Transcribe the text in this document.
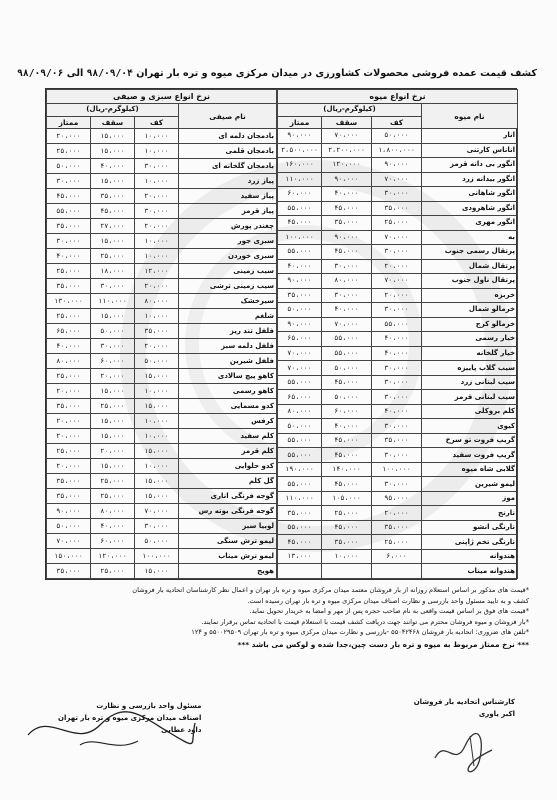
کشف قیمت عمده فروشی محصولات کشاورزی در میدان مرکزی میوه و تره بار تهران ۹۸/۰۹/۰۴ الی ۹۸/۰۹/۰۶
نرخ انواع سبزی و صیفی			
(کیلوگرم-ریال)			نام صیفی
ممتاز	سقف	کف	
۲۰،۰۰۰	۱۵،۰۰۰	۱۰،۰۰۰	بادمجان دلمه ای
۲۵،۰۰۰	۱۵،۰۰۰	۱۰،۰۰۰	بادمجان قلمی
۵۰،۰۰۰	۴۰،۰۰۰	۳۰،۰۰۰	بادمجان گلخانه ای
۳۰،۰۰۰	۱۵،۰۰۰	۱۰،۰۰۰	پیاز زرد
۴۵،۰۰۰	۳۵،۰۰۰	۲۰،۰۰۰	پیاز سفید
۵۵،۰۰۰	۴۵،۰۰۰	۳۰،۰۰۰	پیاز قرمز
۳۵،۰۰۰	۲۷،۰۰۰	۲۰،۰۰۰	چغندر پورش
۳۰،۰۰۰	۱۵،۰۰۰	۱۰،۰۰۰	سبزی جور
۴۰،۰۰۰	۲۵،۰۰۰	۱۰،۰۰۰	سبزی خوردن
۲۵،۰۰۰	۱۸،۰۰۰	۱۲،۰۰۰	سیب زمینی
۳۵،۰۰۰	۳۰،۰۰۰	۲۰،۰۰۰	سیب زمینی ترشی
۱۳۰،۰۰۰	۱۱۰،۰۰۰	۸۰،۰۰۰	سیرخشک
۲۵،۰۰۰	۱۵،۰۰۰	۱۰،۰۰۰	شلغم
۶۵،۰۰۰	۵۰،۰۰۰	۳۵،۰۰۰	فلفل تند ریز
۴۰،۰۰۰	۳۰،۰۰۰	۲۰،۰۰۰	فلفل دلمه سبز
۸۰،۰۰۰	۶۰،۰۰۰	۵۰،۰۰۰	فلفل شیرین
۲۵،۰۰۰	۲۰،۰۰۰	۱۵،۰۰۰	کاهو پیچ سالادی
۲۰،۰۰۰	۱۵،۰۰۰	۱۰،۰۰۰	کاهو رسمی
۳۵،۰۰۰	۲۵،۰۰۰	۱۵،۰۰۰	کدو مسمایی
۲۰،۰۰۰	۱۵،۰۰۰	۱۰،۰۰۰	کرفس
۲۰،۰۰۰	۱۵،۰۰۰	۱۰،۰۰۰	کلم سفید
۲۵،۰۰۰	۲۰،۰۰۰	۱۵،۰۰۰	کلم قرمز
۲۰،۰۰۰	۱۵،۰۰۰	۱۰،۰۰۰	کدو حلوایی
۳۵،۰۰۰	۲۵،۰۰۰	۱۵،۰۰۰	گل کلم
۳۵،۰۰۰	۲۵،۰۰۰	۱۵،۰۰۰	گوجه فرنگی اناری
۹۰،۰۰۰	۸۰،۰۰۰	۷۰،۰۰۰	گوجه فرنگی بوته رس
۵۰،۰۰۰	۴۰،۰۰۰	۳۰،۰۰۰	لوبیا سبز
۷۰،۰۰۰	۶۰،۰۰۰	۵۰،۰۰۰	لیمو ترش سنگی
۱۵۰،۰۰۰	۱۲۰،۰۰۰	۱۰۰،۰۰۰	لیمو ترش میناب
۳۵،۰۰۰	۲۵،۰۰۰	۱۵،۰۰۰	هویج
نرخ انواع میوه			
(کیلوگرم-ریال)			نام میوه
ممتاز	سقف	کف	
۹۰،۰۰۰	۷۰،۰۰۰	۵۰،۰۰۰	انار
۲،۵۰۰،۰۰۰	۲،۲۰۰،۰۰۰	۱،۸۰۰،۰۰۰	اناناس کارتنی
۱۶۰،۰۰۰	۱۲۰،۰۰۰	۹۰،۰۰۰	انگور بی دانه قرمز
۱۱۰،۰۰۰	۹۰،۰۰۰	۷۰،۰۰۰	انگور بیدانه زرد
۶۰،۰۰۰	۴۰،۰۰۰	۳۰،۰۰۰	انگور شاهانی
۵۵،۰۰۰	۴۵،۰۰۰	۳۵،۰۰۰	انگور شاهرودی
۴۵،۰۰۰	۳۵،۰۰۰	۲۵،۰۰۰	انگور مهری
۱۰۰،۰۰۰	۹۰،۰۰۰	۷۰،۰۰۰	به
۵۵،۰۰۰	۴۵،۰۰۰	۳۰،۰۰۰	پرتقال رسمی جنوب
۴۰،۰۰۰	۳۰،۰۰۰	۲۰،۰۰۰	پرتقال شمال
۹۰،۰۰۰	۸۰،۰۰۰	۷۰،۰۰۰	پرتقال ناول جنوب
۳۵،۰۰۰	۳۰،۰۰۰	۲۰،۰۰۰	خربزه
۵۰،۰۰۰	۴۰،۰۰۰	۳۰،۰۰۰	خرمالو شمال
۹۰،۰۰۰	۷۰،۰۰۰	۵۵،۰۰۰	خرمالو کرج
۶۵،۰۰۰	۵۵،۰۰۰	۴۰،۰۰۰	خیار رسمی
۷۰،۰۰۰	۵۵،۰۰۰	۴۰،۰۰۰	خیار گلخانه
۷۰،۰۰۰	۵۰،۰۰۰	۳۰،۰۰۰	سیب گلاب پاییزه
۵۵،۰۰۰	۴۵،۰۰۰	۳۰،۰۰۰	سیب لبنانی زرد
۶۵،۰۰۰	۵۰،۰۰۰	۳۰،۰۰۰	سیب لبنانی قرمز
۸۰،۰۰۰	۶۰،۰۰۰	۴۰،۰۰۰	کلم بروکلی
۵۰،۰۰۰	۴۰،۰۰۰	۳۰،۰۰۰	کیوی
۵۵،۰۰۰	۴۵،۰۰۰	۳۵،۰۰۰	گریپ فروت تو سرخ
۵۵،۰۰۰	۴۵،۰۰۰	۳۰،۰۰۰	گریپ فروت سفید
۱۹۰،۰۰۰	۱۴۰،۰۰۰	۱۰۰،۰۰۰	گلابی شاه میوه
۵۵،۰۰۰	۴۵،۰۰۰	۳۰،۰۰۰	لیمو شیرین
۱۱۰،۰۰۰	۱۰۵،۰۰۰	۹۵،۰۰۰	موز
۳۵،۰۰۰	۲۵،۰۰۰	۲۰،۰۰۰	نارنج
۵۵،۰۰۰	۴۵،۰۰۰	۳۵،۰۰۰	نارنگی انشو
۴۵،۰۰۰	۳۵،۰۰۰	۲۵،۰۰۰	نارنگی تخم ژاپنی
۱۳،۰۰۰	۱۰،۰۰۰	۶،۰۰۰	هندوانه
			هندوانه میناب

*قیمت های مذکور بر اساس استعلام روزانه از بار فروشان معتمد میدان مرکزی میوه و تره بار تهران و اعمال نظر کارشناسان اتحادیه بار فروشان

کشف و به تایید مسئول واحد بازرسی و نظارت اصناف میدان مرکزی میوه و تره بار تهران رسیده است.

*قیمت های فوق بر اساس قیمت واقعی به نام صاحب حجره پس از مهر و امضا به خریدار تحویل نماید.

*بار فروشان و میوه فروشان محترم می توانند جهت دریافت کشف قیمت با استعلام قیمت با اتحادیه تماس برقرار نمایند.

*تلفن های ضروری: اتحادیه بار فروشان ۵۵۰۴۲۴۶۸ -بازرسی و نظارت میدان مرکزی میوه و تره بار تهران ۵۵۰۰۲۹۵۰۹ و ۱۲۴

*** نرخ ممتاز مربوط به میوه و تره بار دست چین،جدا شده و لوکس می باشد ***

کارشناس اتحادیه بار فروشان
اکبر یاوری
مسئول واحد بازرسی و نظارت
اصناف میدان مرکزی میوه و تره بار تهران
داود عطایی
